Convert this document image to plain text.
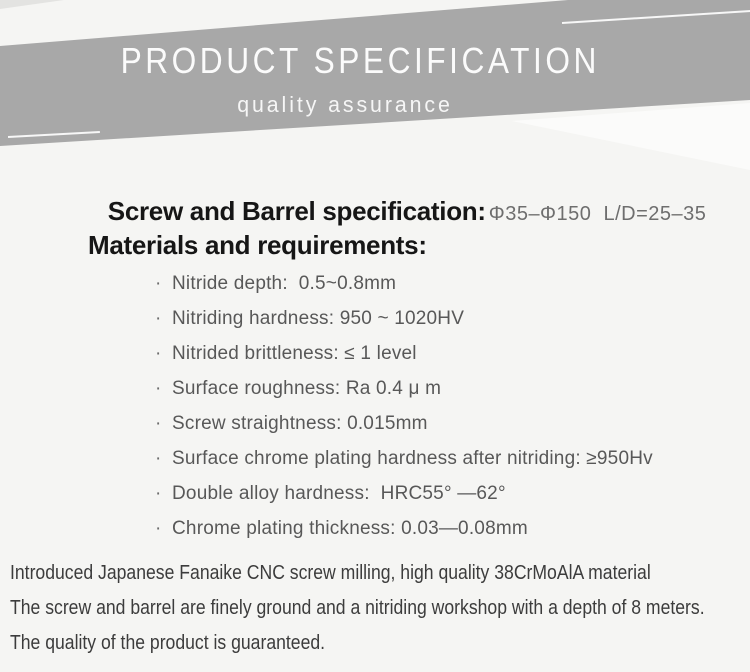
PRODUCT SPECIFICATION
quality assurance

Screw and Barrel specification: Φ35–Φ150  L/D=25–35

Materials and requirements:
· Nitride depth:  0.5~0.8mm
· Nitriding hardness: 950 ~ 1020HV
· Nitrided brittleness: ≤ 1 level
· Surface roughness: Ra 0.4 μ m
· Screw straightness: 0.015mm
· Surface chrome plating hardness after nitriding: ≥950Hv
· Double alloy hardness:  HRC55° —62°
· Chrome plating thickness: 0.03—0.08mm
Introduced Japanese Fanaike CNC screw milling, high quality 38CrMoAlA material
The screw and barrel are finely ground and a nitriding workshop with a depth of 8 meters.
The quality of the product is guaranteed.
